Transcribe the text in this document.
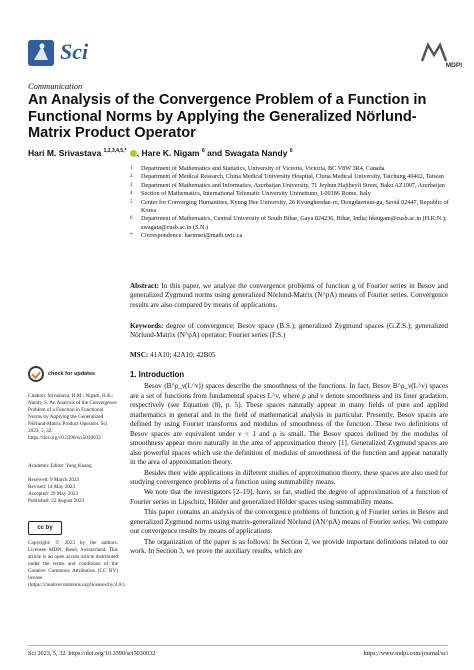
Sci
MDPI
Communication
An Analysis of the Convergence Problem of a Function in Functional Norms by Applying the Generalized Nörlund-Matrix Product Operator
Hari M. Srivastava $^{1,2,3,4,5,*}$ , Hare K. Nigam $^6$ and Swagata Nandy $^6$
1	Department of Mathematics and Statistics, University of Victoria, Victoria, BC V8W 3R4, Canada
2	Department of Medical Research, China Medical University Hospital, China Medical University, Taichung 40402, Taiwan
3	Department of Mathematics and Informatics, Azerbaijan University, 71 Jeyhun Hajibeyli Street, Baku AZ1007, Azerbaijan
4	Section of Mathematics, International Telematic University Uninettuno, I-00186 Rome, Italy
5	Center for Converging Humanities, Kyung Hee University, 26 Kyungheedae-ro, Dongdaemun-gu, Seoul 02447, Republic of Korea
6	Department of Mathematics, Central University of South Bihar, Gaya 824236, Bihar, India; hknigam@cusb.ac.in (H.K.N.); swagata@cusb.ac.in (S.N.)
*	Correspondence: harimsri@math.uvic.ca
Abstract: In this paper, we analyze the convergence problems of function g of Fourier series in Besov and generalized Zygmund norms using generalized Nörlund-Matrix (N^pA) means of Fourier series. Convergence results are also compared by means of applications.
Keywords: degree of convergence; Besov space (B.S.); generalized Zygmund spaces (G.Z.S.); generalized Nörlund-Matrix (N^pA) operator; Fourier series (F.S.)
MSC: 41A10; 42A10; 42B05
1. Introduction

Besov (B^ρ_ν(L^ν)) spaces describe the smoothness of the functions. In fact, Besov B^ρ_ν(L^ν) spaces are a set of functions from fundamental spaces L^ν, where ρ and ν denote smoothness and its finer gradation, respectively (see Equation (8), p. 5). These spaces naturally appear in many fields of pure and applied mathematics in general and in the field of mathematical analysis in particular. Presently, Besov spaces are defined by using Fourier transforms and modulus of smoothness of the function. These two definitions of Besov spaces are equivalent under ν < 1 and ρ is small. The Besov spaces defined by the modulus of smoothness appear more naturally in the area of approximation theory [1]. Generalized Zygmund spaces are also powerful spaces which use the definition of modulus of smoothness of the function and appear naturally in the area of approximation theory.

Besides their wide applications in different studies of approximation theory, these spaces are also used for studying convergence problems of a function using summability means.

We note that the investigators [2–19], have, so far, studied the degree of approximation of a function of Fourier series in Lipschitz, Hölder and generalized Hölder spaces using summability means.

This paper contains an analysis of the convergence problems of function g of Fourier series in Besov and generalized Zygmund norms using matrix-generalized Nörlund (AN^pA) means of Fourier series. We compare our convergence results by means of applications.

The organization of the paper is as follows: In Section 2, we provide important definitions related to our work. In Section 3, we prove the auxiliary results, which are

check for updates
Citation: Srivastava, H.M.; Nigam, H.K.; Nandy, S. An Analysis of the Convergence Problem of a Function in Functional Norms by Applying the Generalized Nörlund-Matrix Product Operator. Sci 2023, 5, 32. https://doi.org/10.3390/sci5030032
Academic Editor: Yang Kuang
Received: 9 March 2023
Revised: 14 May 2023
Accepted: 29 May 2023
Published: 22 August 2023
cc by
Copyright: © 2023 by the authors. Licensee MDPI, Basel, Switzerland. This article is an open access article distributed under the terms and conditions of the Creative Commons Attribution (CC BY) license (https://creativecommons.org/licenses/by/4.0/).
Sci 2023, 5, 32. https://doi.org/10.3390/sci5030032	https://www.mdpi.com/journal/sci
